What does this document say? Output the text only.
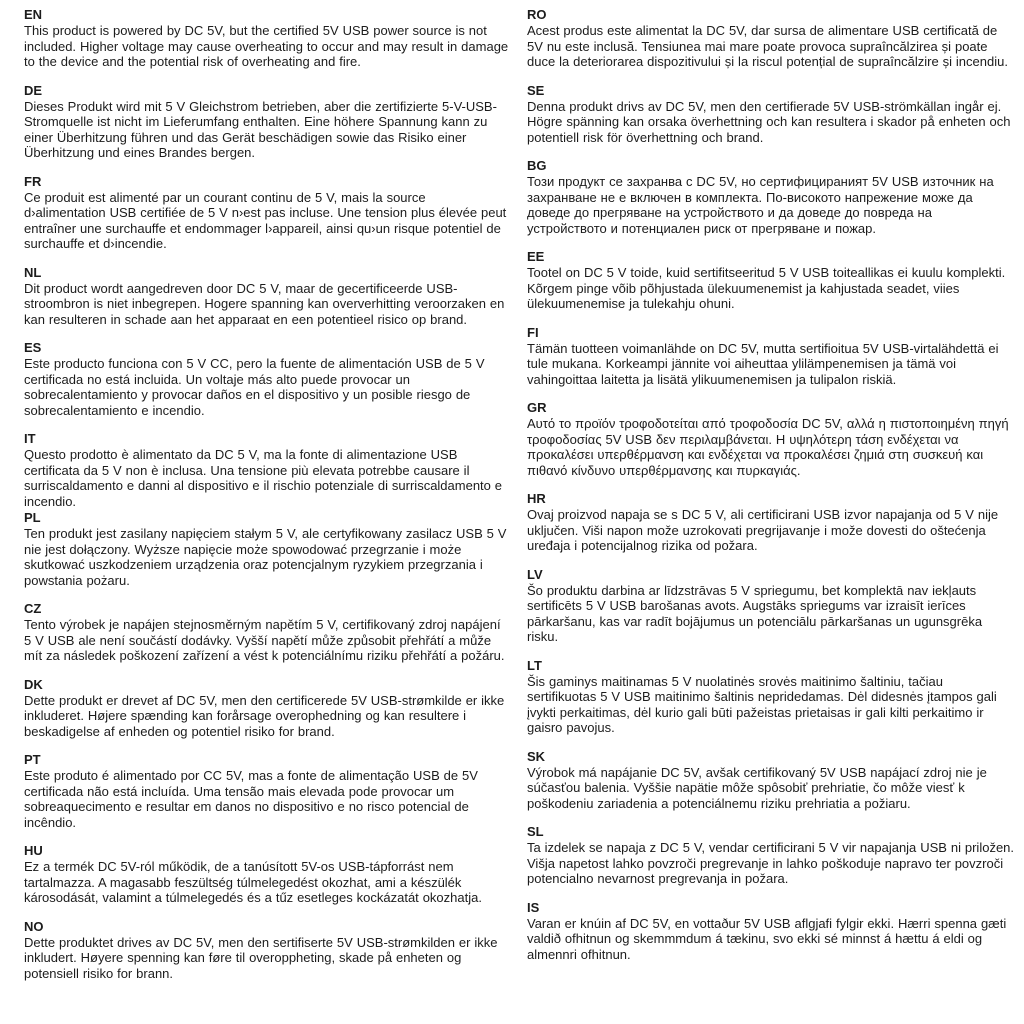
EN

This product is powered by DC 5V, but the certified 5V USB power source is not included. Higher voltage may cause overheating to occur and may result in damage to the device and the potential risk of overheating and fire.

DE

Dieses Produkt wird mit 5 V Gleichstrom betrieben, aber die zertifizierte 5-V-USB-Stromquelle ist nicht im Lieferumfang enthalten. Eine höhere Spannung kann zu einer Überhitzung führen und das Gerät beschädigen sowie das Risiko einer Überhitzung und eines Brandes bergen.

FR

Ce produit est alimenté par un courant continu de 5 V, mais la source d›alimentation USB certifiée de 5 V n›est pas incluse. Une tension plus élevée peut entraîner une surchauffe et endommager l›appareil, ainsi qu›un risque potentiel de surchauffe et d›incendie.

NL

Dit product wordt aangedreven door DC 5 V, maar de gecertificeerde USB-stroombron is niet inbegrepen. Hogere spanning kan oververhitting veroorzaken en kan resulteren in schade aan het apparaat en een potentieel risico op brand.

ES

Este producto funciona con 5 V CC, pero la fuente de alimentación USB de 5 V certificada no está incluida. Un voltaje más alto puede provocar un sobrecalentamiento y provocar daños en el dispositivo y un posible riesgo de sobrecalentamiento e incendio.

IT

Questo prodotto è alimentato da DC 5 V, ma la fonte di alimentazione USB certificata da 5 V non è inclusa. Una tensione più elevata potrebbe causare il surriscaldamento e danni al dispositivo e il rischio potenziale di surriscaldamento e incendio.

PL

Ten produkt jest zasilany napięciem stałym 5 V, ale certyfikowany zasilacz USB 5 V nie jest dołączony. Wyższe napięcie może spowodować przegrzanie i może skutkować uszkodzeniem urządzenia oraz potencjalnym ryzykiem przegrzania i powstania pożaru.

CZ

Tento výrobek je napájen stejnosměrným napětím 5 V, certifikovaný zdroj napájení 5 V USB ale není součástí dodávky. Vyšší napětí může způsobit přehřátí a může mít za následek poškození zařízení a vést k potenciálnímu riziku přehřátí a požáru.

DK

Dette produkt er drevet af DC 5V, men den certificerede 5V USB-strømkilde er ikke inkluderet. Højere spænding kan forårsage overophedning og kan resultere i beskadigelse af enheden og potentiel risiko for brand.

PT

Este produto é alimentado por CC 5V, mas a fonte de alimentação USB de 5V certificada não está incluída. Uma tensão mais elevada pode provocar um sobreaquecimento e resultar em danos no dispositivo e no risco potencial de incêndio.

HU

Ez a termék DC 5V-ról működik, de a tanúsított 5V-os USB-tápforrást nem tartalmazza. A magasabb feszültség túlmelegedést okozhat, ami a készülék károsodását, valamint a túlmelegedés és a tűz esetleges kockázatát okozhatja.

NO

Dette produktet drives av DC 5V, men den sertifiserte 5V USB-strømkilden er ikke inkludert. Høyere spenning kan føre til overoppheting, skade på enheten og potensiell risiko for brann.

RO

Acest produs este alimentat la DC 5V, dar sursa de alimentare USB certificată de 5V nu este inclusă. Tensiunea mai mare poate provoca supraîncălzirea și poate duce la deteriorarea dispozitivului și la riscul potențial de supraîncălzire și incendiu.

SE

Denna produkt drivs av DC 5V, men den certifierade 5V USB-strömkällan ingår ej. Högre spänning kan orsaka överhettning och kan resultera i skador på enheten och potentiell risk för överhettning och brand.

BG

Този продукт се захранва с DC 5V, но сертифицираният 5V USB източник на захранване не е включен в комплекта. По-високото напрежение може да доведе до прегряване на устройството и да доведе до повреда на устройството и потенциален риск от прегряване и пожар.

EE

Tootel on DC 5 V toide, kuid sertifitseeritud 5 V USB toiteallikas ei kuulu komplekti. Kõrgem pinge võib põhjustada ülekuumenemist ja kahjustada seadet, viies ülekuumenemise ja tulekahju ohuni.

FI

Tämän tuotteen voimanlähde on DC 5V, mutta sertifioitua 5V USB-virtalähdettä ei tule mukana. Korkeampi jännite voi aiheuttaa ylilämpenemisen ja tämä voi vahingoittaa laitetta ja lisätä ylikuumenemisen ja tulipalon riskiä.

GR

Αυτό το προϊόν τροφοδοτείται από τροφοδοσία DC 5V, αλλά η πιστοποιημένη πηγή τροφοδοσίας 5V USB δεν περιλαμβάνεται. Η υψηλότερη τάση ενδέχεται να προκαλέσει υπερθέρμανση και ενδέχεται να προκαλέσει ζημιά στη συσκευή και πιθανό κίνδυνο υπερθέρμανσης και πυρκαγιάς.

HR

Ovaj proizvod napaja se s DC 5 V, ali certificirani USB izvor napajanja od 5 V nije uključen. Viši napon može uzrokovati pregrijavanje i može dovesti do oštećenja uređaja i potencijalnog rizika od požara.

LV

Šo produktu darbina ar līdzstrāvas 5 V spriegumu, bet komplektā nav iekļauts sertificēts 5 V USB barošanas avots. Augstāks spriegums var izraisīt ierīces pārkaršanu, kas var radīt bojājumus un potenciālu pārkaršanas un ugunsgrēka risku.

LT

Šis gaminys maitinamas 5 V nuolatinės srovės maitinimo šaltiniu, tačiau sertifikuotas 5 V USB maitinimo šaltinis nepridedamas. Dėl didesnės įtampos gali įvykti perkaitimas, dėl kurio gali būti pažeistas prietaisas ir gali kilti perkaitimo ir gaisro pavojus.

SK

Výrobok má napájanie DC 5V, avšak certifikovaný 5V USB napájací zdroj nie je súčasťou balenia. Vyššie napätie môže spôsobiť prehriatie, čo môže viesť k poškodeniu zariadenia a potenciálnemu riziku prehriatia a požiaru.

SL

Ta izdelek se napaja z DC 5 V, vendar certificirani 5 V vir napajanja USB ni priložen. Višja napetost lahko povzroči pregrevanje in lahko poškoduje napravo ter povzroči potencialno nevarnost pregrevanja in požara.

IS

Varan er knúin af DC 5V, en vottaður 5V USB aflgjafi fylgir ekki. Hærri spenna gæti valdið ofhitnun og skemmmdum á tækinu, svo ekki sé minnst á hættu á eldi og almennri ofhitnun.
